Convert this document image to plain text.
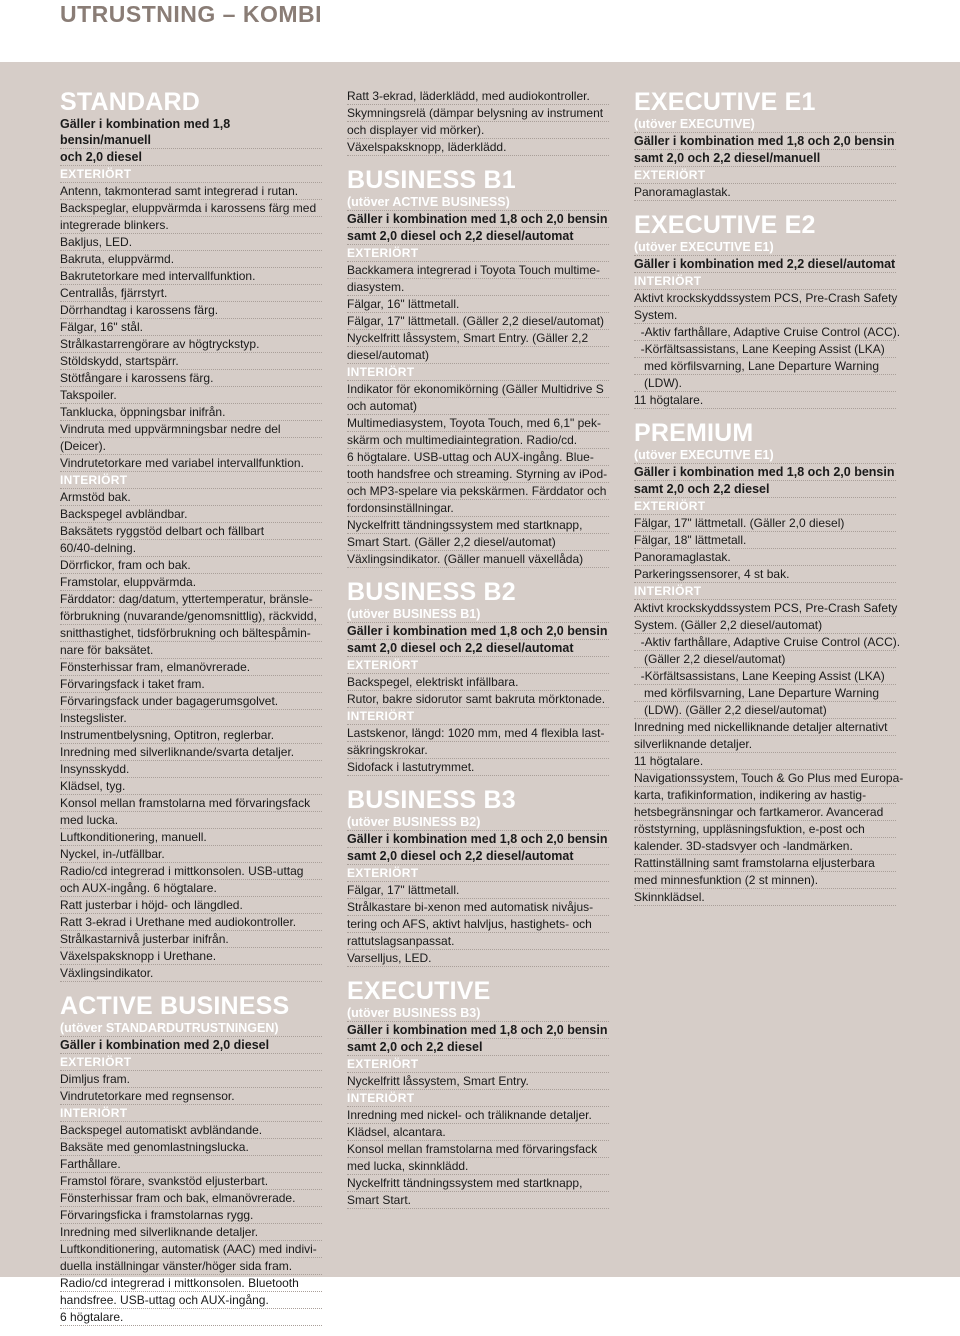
UTRUSTNING – KOMBI
STANDARD
Gäller i kombination med 1,8 bensin/manuell
och 2,0 diesel
EXTERIÖRT
Antenn, takmonterad samt integrerad i rutan.
Backspeglar, eluppvärmda i karossens färg med
integrerade blinkers.
Bakljus, LED.
Bakruta, eluppvärmd.
Bakrutetorkare med intervallfunktion.
Centrallås, fjärrstyrt.
Dörrhandtag i karossens färg.
Fälgar, 16" stål.
Strålkastarrengörare av högtryckstyp.
Stöldskydd, startspärr.
Stötfångare i karossens färg.
Takspoiler.
Tanklucka, öppningsbar inifrån.
Vindruta med uppvärmningsbar nedre del
(Deicer).
Vindrutetorkare med variabel intervallfunktion.
INTERIÖRT
Armstöd bak.
Backspegel avbländbar.
Baksätets ryggstöd delbart och fällbart
60/40-delning.
Dörrfickor, fram och bak.
Framstolar, eluppvärmda.
Färddator: dag/datum, yttertemperatur, bränsle-
förbrukning (nuvarande/genomsnittlig), räckvidd,
snitthastighet, tidsförbrukning och bältespåmin-
nare för baksätet.
Fönsterhissar fram, elmanövrerade.
Förvaringsfack i taket fram.
Förvaringsfack under bagagerumsgolvet.
Instegslister.
Instrumentbelysning, Optitron, reglerbar.
Inredning med silverliknande/svarta detaljer.
Insynsskydd.
Klädsel, tyg.
Konsol mellan framstolarna med förvaringsfack
med lucka.
Luftkonditionering, manuell.
Nyckel, in-/utfällbar.
Radio/cd integrerad i mittkonsolen. USB-uttag
och AUX-ingång. 6 högtalare.
Ratt justerbar i höjd- och längdled.
Ratt 3-ekrad i Urethane med audiokontroller.
Strålkastarnivå justerbar inifrån.
Växelspaksknopp i Urethane.
Växlingsindikator.
ACTIVE BUSINESS
(utöver STANDARDUTRUSTNINGEN)
Gäller i kombination med 2,0 diesel
EXTERIÖRT
Dimljus fram.
Vindrutetorkare med regnsensor.
INTERIÖRT
Backspegel automatiskt avbländande.
Baksäte med genomlastningslucka.
Farthållare.
Framstol förare, svankstöd eljusterbart.
Fönsterhissar fram och bak, elmanövrerade.
Förvaringsficka i framstolarnas rygg.
Inredning med silverliknande detaljer.
Luftkonditionering, automatisk (AAC) med indivi-
duella inställningar vänster/höger sida fram.
Radio/cd integrerad i mittkonsolen. Bluetooth
handsfree. USB-uttag och AUX-ingång.
6 högtalare.
Ratt 3-ekrad, läderklädd, med audiokontroller.
Skymningsrelä (dämpar belysning av instrument
och displayer vid mörker).
Växelspaksknopp, läderklädd.
BUSINESS B1
(utöver ACTIVE BUSINESS)
Gäller i kombination med 1,8 och 2,0 bensin
samt 2,0 diesel och 2,2 diesel/automat
EXTERIÖRT
Backkamera integrerad i Toyota Touch multime-
diasystem.
Fälgar, 16" lättmetall.
Fälgar, 17" lättmetall. (Gäller 2,2 diesel/automat)
Nyckelfritt låssystem, Smart Entry. (Gäller 2,2
diesel/automat)
INTERIÖRT
Indikator för ekonomikörning (Gäller Multidrive S
och automat)
Multimediasystem, Toyota Touch, med 6,1" pek-
skärm och multimediaintegration. Radio/cd.
6 högtalare. USB-uttag och AUX-ingång. Blue-
tooth handsfree och streaming. Styrning av iPod-
och MP3-spelare via pekskärmen. Färddator och
fordonsinställningar.
Nyckelfritt tändningssystem med startknapp,
Smart Start. (Gäller 2,2 diesel/automat)
Växlingsindikator. (Gäller manuell växellåda)
BUSINESS B2
(utöver BUSINESS B1)
Gäller i kombination med 1,8 och 2,0 bensin
samt 2,0 diesel och 2,2 diesel/automat
EXTERIÖRT
Backspegel, elektriskt infällbara.
Rutor, bakre sidorutor samt bakruta mörktonade.
INTERIÖRT
Lastskenor, längd: 1020 mm, med 4 flexibla last-
säkringskrokar.
Sidofack i lastutrymmet.
BUSINESS B3
(utöver BUSINESS B2)
Gäller i kombination med 1,8 och 2,0 bensin
samt 2,0 diesel och 2,2 diesel/automat
EXTERIÖRT
Fälgar, 17" lättmetall.
Strålkastare bi-xenon med automatisk nivåjus-
tering och AFS, aktivt halvljus, hastighets- och
rattutslagsanpassat.
Varselljus, LED.
EXECUTIVE
(utöver BUSINESS B3)
Gäller i kombination med 1,8 och 2,0 bensin
samt 2,0 och 2,2 diesel
EXTERIÖRT
Nyckelfritt låssystem, Smart Entry.
INTERIÖRT
Inredning med nickel- och träliknande detaljer.
Klädsel, alcantara.
Konsol mellan framstolarna med förvaringsfack
med lucka, skinnklädd.
Nyckelfritt tändningssystem med startknapp,
Smart Start.
EXECUTIVE E1
(utöver EXECUTIVE)
Gäller i kombination med 1,8 och 2,0 bensin
samt 2,0 och 2,2 diesel/manuell
EXTERIÖRT
Panoramaglastak.
EXECUTIVE E2
(utöver EXECUTIVE E1)
Gäller i kombination med 2,2 diesel/automat
INTERIÖRT
Aktivt krockskyddssystem PCS, Pre-Crash Safety
System.
-Aktiv farthållare, Adaptive Cruise Control (ACC).
-Körfältsassistans, Lane Keeping Assist (LKA)
med körfilsvarning, Lane Departure Warning
(LDW).
11 högtalare.
PREMIUM
(utöver EXECUTIVE E1)
Gäller i kombination med 1,8 och 2,0 bensin
samt 2,0 och 2,2 diesel
EXTERIÖRT
Fälgar, 17" lättmetall. (Gäller 2,0 diesel)
Fälgar, 18" lättmetall.
Panoramaglastak.
Parkeringssensorer, 4 st bak.
INTERIÖRT
Aktivt krockskyddssystem PCS, Pre-Crash Safety
System. (Gäller 2,2 diesel/automat)
-Aktiv farthållare, Adaptive Cruise Control (ACC).
(Gäller 2,2 diesel/automat)
-Körfältsassistans, Lane Keeping Assist (LKA)
med körfilsvarning, Lane Departure Warning
(LDW). (Gäller 2,2 diesel/automat)
Inredning med nickelliknande detaljer alternativt
silverliknande detaljer.
11 högtalare.
Navigationssystem, Touch & Go Plus med Europa-
karta, trafikinformation, indikering av hastig-
hetsbegränsningar och fartkameror. Avancerad
röststyrning, uppläsningsfuktion, e-post och
kalender. 3D-stadsvyer och -landmärken.
Rattinställning samt framstolarna eljusterbara
med minnesfunktion (2 st minnen).
Skinnklädsel.
